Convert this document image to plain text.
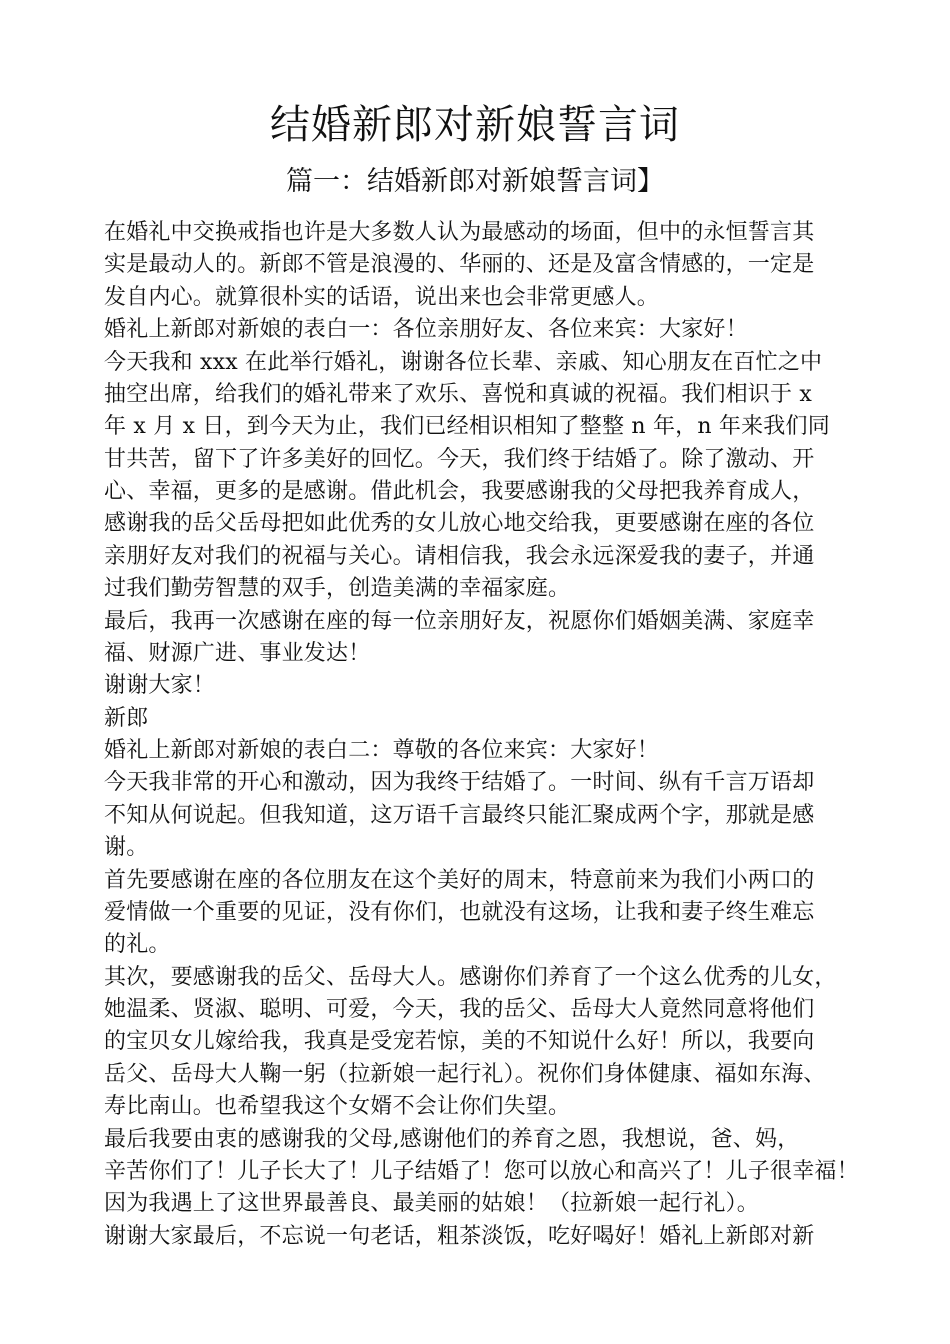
结婚新郎对新娘誓言词
篇一：结婚新郎对新娘誓言词】
在婚礼中交换戒指也许是大多数人认为最感动的场面，但中的永恒誓言其
实是最动人的。新郎不管是浪漫的、华丽的、还是及富含情感的，一定是
发自内心。就算很朴实的话语，说出来也会非常更感人。
婚礼上新郎对新娘的表白一：各位亲朋好友、各位来宾：大家好！
今天我和 xxx 在此举行婚礼，谢谢各位长辈、亲戚、知心朋友在百忙之中
抽空出席，给我们的婚礼带来了欢乐、喜悦和真诚的祝福。我们相识于 x
年 x 月 x 日，到今天为止，我们已经相识相知了整整 n 年，n 年来我们同
甘共苦，留下了许多美好的回忆。今天，我们终于结婚了。除了激动、开
心、幸福，更多的是感谢。借此机会，我要感谢我的父母把我养育成人，
感谢我的岳父岳母把如此优秀的女儿放心地交给我，更要感谢在座的各位
亲朋好友对我们的祝福与关心。请相信我，我会永远深爱我的妻子，并通
过我们勤劳智慧的双手，创造美满的幸福家庭。
最后，我再一次感谢在座的每一位亲朋好友，祝愿你们婚姻美满、家庭幸
福、财源广进、事业发达！
谢谢大家！
新郎
婚礼上新郎对新娘的表白二：尊敬的各位来宾：大家好！
今天我非常的开心和激动，因为我终于结婚了。一时间、纵有千言万语却
不知从何说起。但我知道，这万语千言最终只能汇聚成两个字，那就是感
谢。
首先要感谢在座的各位朋友在这个美好的周末，特意前来为我们小两口的
爱情做一个重要的见证，没有你们，也就没有这场，让我和妻子终生难忘
的礼。
其次，要感谢我的岳父、岳母大人。感谢你们养育了一个这么优秀的儿女，
她温柔、贤淑、聪明、可爱，今天，我的岳父、岳母大人竟然同意将他们
的宝贝女儿嫁给我，我真是受宠若惊，美的不知说什么好！所以，我要向
岳父、岳母大人鞠一躬（拉新娘一起行礼）。祝你们身体健康、福如东海、
寿比南山。也希望我这个女婿不会让你们失望。
最后我要由衷的感谢我的父母,感谢他们的养育之恩，我想说，爸、妈，
辛苦你们了！儿子长大了！儿子结婚了！您可以放心和高兴了！儿子很幸福！
因为我遇上了这世界最善良、最美丽的姑娘！（拉新娘一起行礼）。
谢谢大家最后，不忘说一句老话，粗茶淡饭，吃好喝好！婚礼上新郎对新
